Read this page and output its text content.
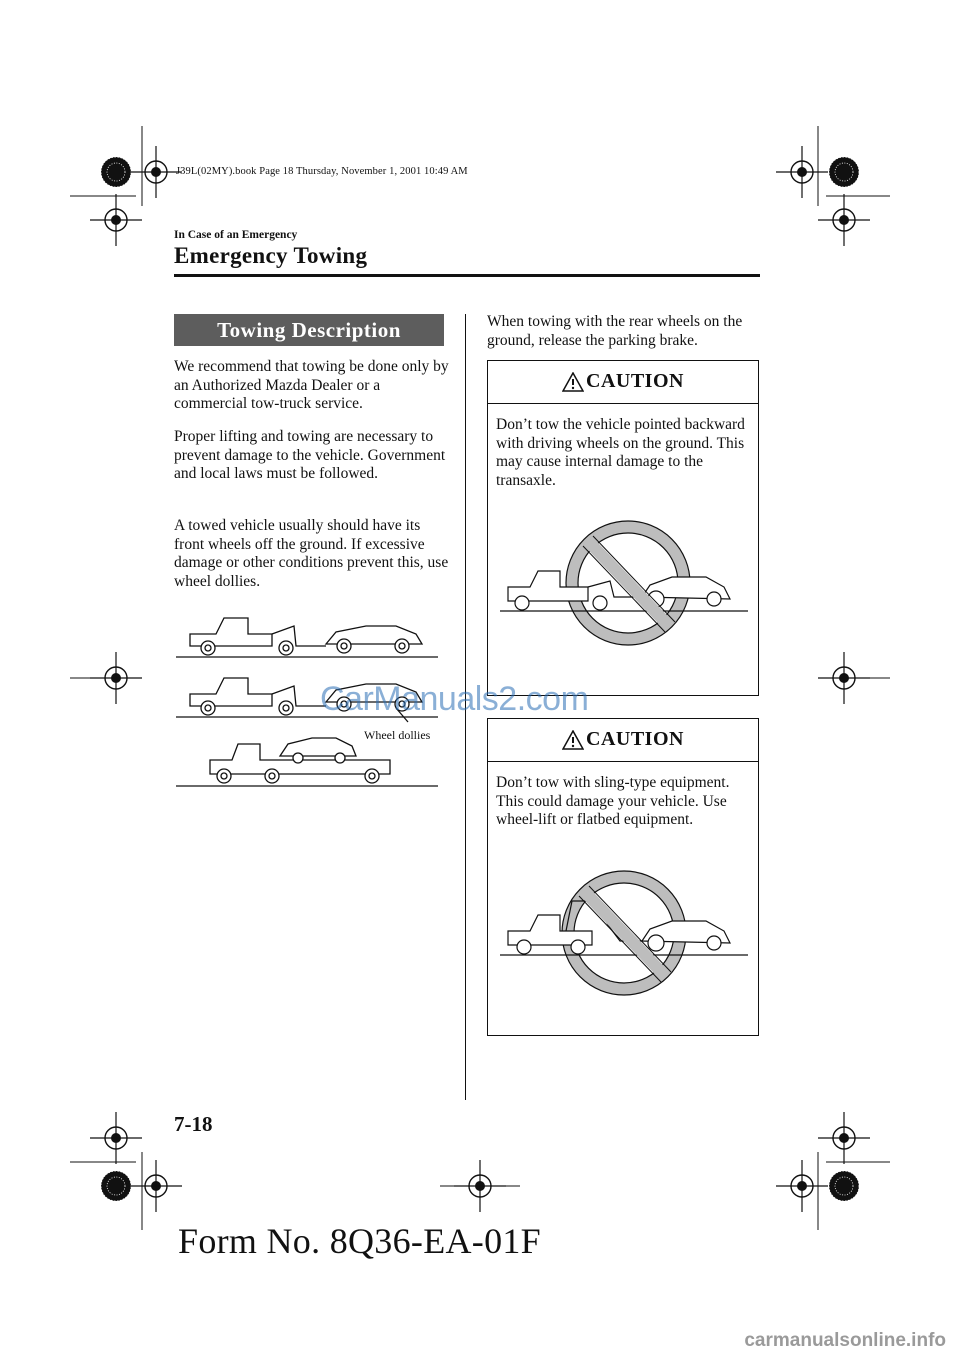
J39L(02MY).book Page 18 Thursday, November 1, 2001 10:49 AM
In Case of an Emergency
Emergency Towing
Towing Description
We recommend that towing be done only by an Authorized Mazda Dealer or a commercial tow-truck service.
Proper lifting and towing are necessary to prevent damage to the vehicle. Government and local laws must be followed.
A towed vehicle usually should have its front wheels off the ground. If excessive damage or other conditions prevent this, use wheel dollies.
Wheel dollies
When towing with the rear wheels on the ground, release the parking brake.
CAUTION
Don’t tow the vehicle pointed backward with driving wheels on the ground. This may cause internal damage to the transaxle.
CAUTION
Don’t tow with sling-type equipment. This could damage your vehicle. Use wheel-lift or flatbed equipment.
7-18
Form No. 8Q36-EA-01F
CarManuals2.com
carmanualsonline.info
